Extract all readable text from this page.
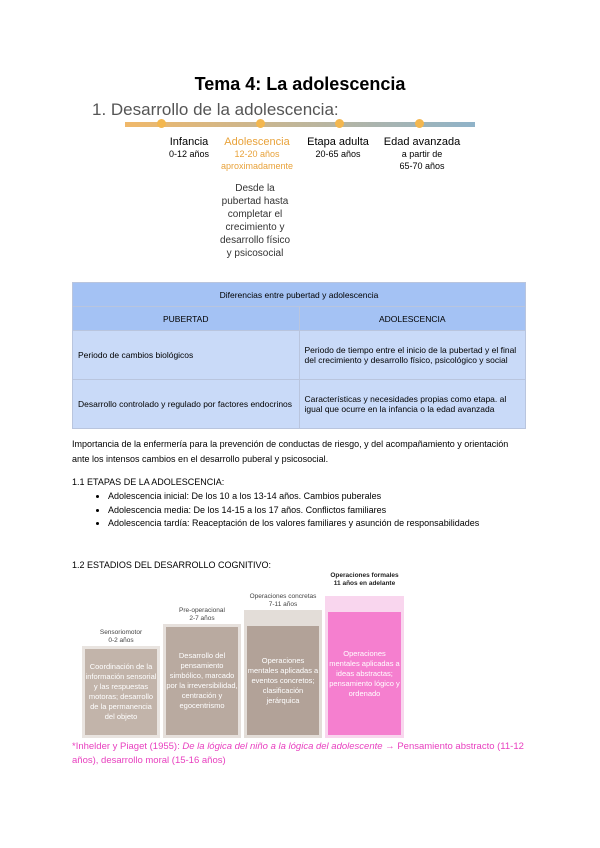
Tema 4: La adolescencia
1. Desarrollo de la adolescencia:
Infancia
0-12 años
Adolescencia
12-20 años
aproximadamente
Etapa adulta
20-65 años
Edad avanzada
a partir de
65-70 años
Desde la pubertad hasta completar el crecimiento y desarrollo físico y psicosocial
Diferencias entre pubertad y adolescencia	
PUBERTAD	ADOLESCENCIA
Periodo de cambios biológicos	Periodo de tiempo entre el inicio de la pubertad y el final del crecimiento y desarrollo físico, psicológico y social
Desarrollo controlado y regulado por factores endocrinos	Características y necesidades propias como etapa. al igual que ocurre en la infancia o la edad avanzada
Importancia de la enfermería para la prevención de conductas de riesgo, y del acompañamiento y orientación ante los intensos cambios en el desarrollo puberal y psicosocial.
1.1 ETAPAS DE LA ADOLESCENCIA:
• Adolescencia inicial: De los 10 a los 13-14 años. Cambios puberales
• Adolescencia media: De los 14-15 a los 17 años. Conflictos familiares
• Adolescencia tardía: Reaceptación de los valores familiares y asunción de responsabilidades
1.2 ESTADIOS DEL DESARROLLO COGNITIVO:
Sensoriomotor
0-2 años
Coordinación de la información sensorial y las respuestas motoras; desarrollo de la permanencia del objeto
Pre-operacional
2-7 años
Desarrollo del pensamiento simbólico, marcado por la irreversibilidad, centración y egocentrismo
Operaciones concretas
7-11 años
Operaciones mentales aplicadas a eventos concretos; clasificación jerárquica
Operaciones formales
11 años en adelante
Operaciones mentales aplicadas a ideas abstractas; pensamiento lógico y ordenado
*Inhelder y Piaget (1955): De la lógica del niño a la lógica del adolescente → Pensamiento abstracto (11-12 años), desarrollo moral (15-16 años)
